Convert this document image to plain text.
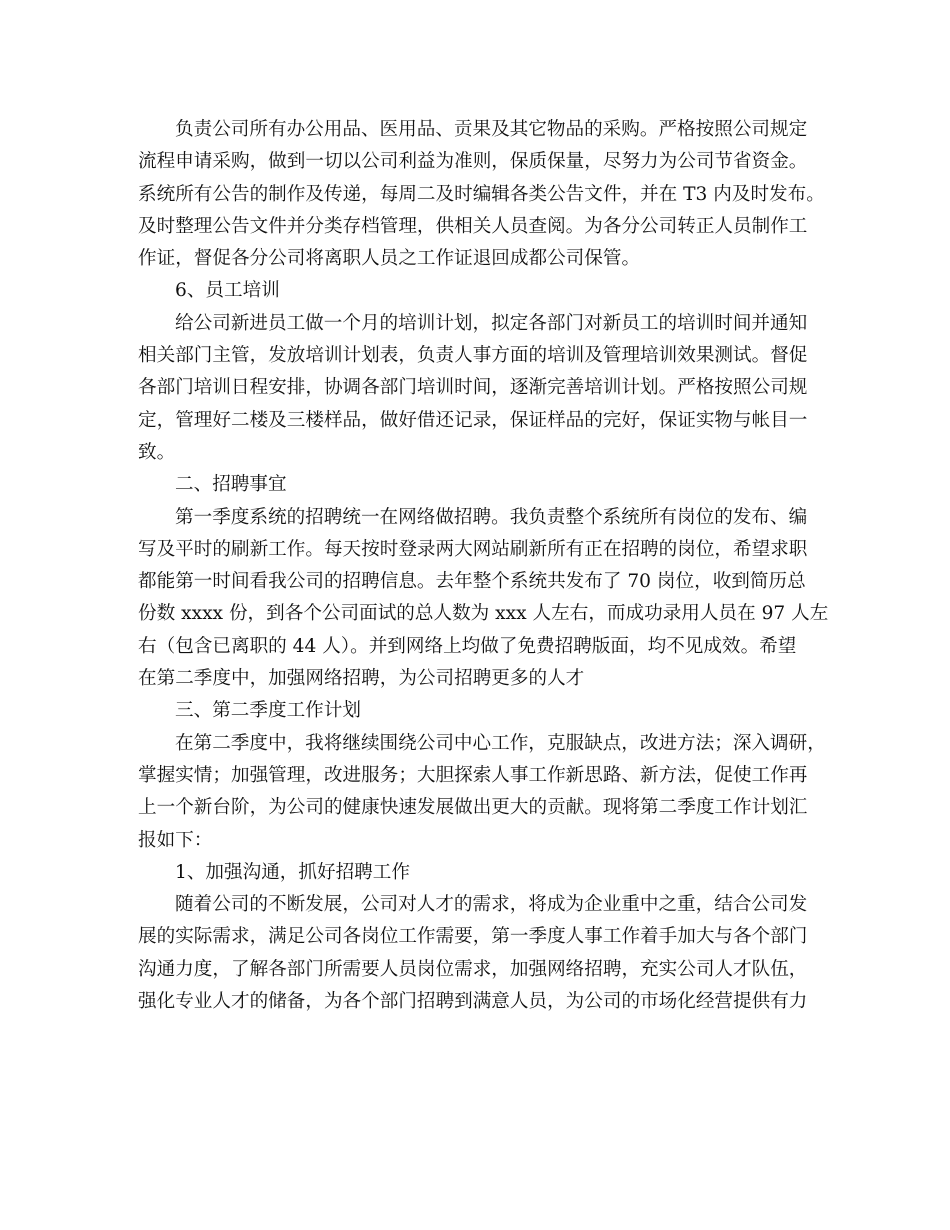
负责公司所有办公用品、医用品、贡果及其它物品的采购。严格按照公司规定
流程申请采购，做到一切以公司利益为准则，保质保量，尽努力为公司节省资金。
系统所有公告的制作及传递，每周二及时编辑各类公告文件，并在 T3 内及时发布。
及时整理公告文件并分类存档管理，供相关人员查阅。为各分公司转正人员制作工
作证，督促各分公司将离职人员之工作证退回成都公司保管。
6、员工培训
给公司新进员工做一个月的培训计划，拟定各部门对新员工的培训时间并通知
相关部门主管，发放培训计划表，负责人事方面的培训及管理培训效果测试。督促
各部门培训日程安排，协调各部门培训时间，逐渐完善培训计划。严格按照公司规
定，管理好二楼及三楼样品，做好借还记录，保证样品的完好，保证实物与帐目一
致。
二、招聘事宜
第一季度系统的招聘统一在网络做招聘。我负责整个系统所有岗位的发布、编
写及平时的刷新工作。每天按时登录两大网站刷新所有正在招聘的岗位，希望求职
都能第一时间看我公司的招聘信息。去年整个系统共发布了 70 岗位，收到简历总
份数 xxxx 份，到各个公司面试的总人数为 xxx 人左右，而成功录用人员在 97 人左
右（包含已离职的 44 人）。并到网络上均做了免费招聘版面，均不见成效。希望
在第二季度中，加强网络招聘，为公司招聘更多的人才
三、第二季度工作计划
在第二季度中，我将继续围绕公司中心工作，克服缺点，改进方法；深入调研，
掌握实情；加强管理，改进服务；大胆探索人事工作新思路、新方法，促使工作再
上一个新台阶，为公司的健康快速发展做出更大的贡献。现将第二季度工作计划汇
报如下：
1、加强沟通，抓好招聘工作
随着公司的不断发展，公司对人才的需求，将成为企业重中之重，结合公司发
展的实际需求，满足公司各岗位工作需要，第一季度人事工作着手加大与各个部门
沟通力度，了解各部门所需要人员岗位需求，加强网络招聘，充实公司人才队伍，
强化专业人才的储备，为各个部门招聘到满意人员，为公司的市场化经营提供有力
